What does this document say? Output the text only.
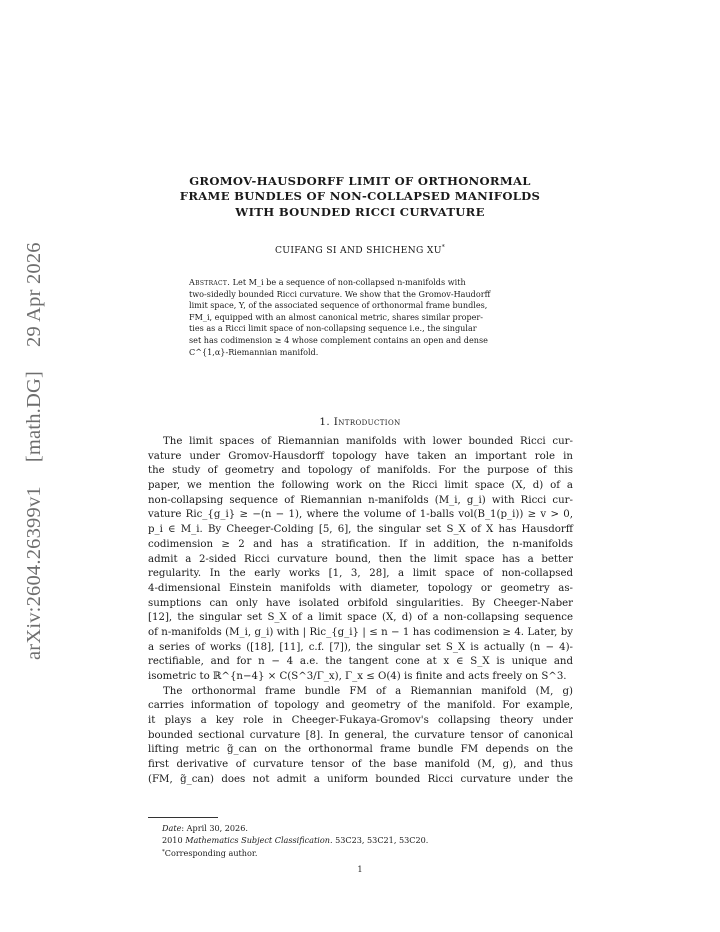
arXiv:2604.26399v1[math.DG]29 Apr 2026
GROMOV-HAUSDORFF LIMIT OF ORTHONORMAL
FRAME BUNDLES OF NON-COLLAPSED MANIFOLDS
WITH BOUNDED RICCI CURVATURE
CUIFANG SI AND SHICHENG XU*
Abstract. Let M_i be a sequence of non-collapsed n-manifolds with
two-sidedly bounded Ricci curvature. We show that the Gromov-Haudorff
limit space, Y, of the associated sequence of orthonormal frame bundles,
FM_i, equipped with an almost canonical metric, shares similar proper-
ties as a Ricci limit space of non-collapsing sequence i.e., the singular
set has codimension ≥ 4 whose complement contains an open and dense
C^{1,α}-Riemannian manifold.
1. Introduction
The limit spaces of Riemannian manifolds with lower bounded Ricci cur-
vature under Gromov-Hausdorff topology have taken an important role in
the study of geometry and topology of manifolds. For the purpose of this
paper, we mention the following work on the Ricci limit space (X, d) of a
non-collapsing sequence of Riemannian n-manifolds (M_i, g_i) with Ricci cur-
vature Ric_{g_i} ≥ −(n − 1), where the volume of 1-balls vol(B_1(p_i)) ≥ v > 0,
p_i ∈ M_i. By Cheeger-Colding [5, 6], the singular set S_X of X has Hausdorff
codimension ≥ 2 and has a stratification. If in addition, the n-manifolds
admit a 2-sided Ricci curvature bound, then the limit space has a better
regularity. In the early works [1, 3, 28], a limit space of non-collapsed
4-dimensional Einstein manifolds with diameter, topology or geometry as-
sumptions can only have isolated orbifold singularities. By Cheeger-Naber
[12], the singular set S_X of a limit space (X, d) of a non-collapsing sequence
of n-manifolds (M_i, g_i) with | Ric_{g_i} | ≤ n − 1 has codimension ≥ 4. Later, by
a series of works ([18], [11], c.f. [7]), the singular set S_X is actually (n − 4)-
rectifiable, and for n − 4 a.e. the tangent cone at x ∈ S_X is unique and
isometric to ℝ^{n−4} × C(S^3/Γ_x), Γ_x ≤ O(4) is finite and acts freely on S^3.
The orthonormal frame bundle FM of a Riemannian manifold (M, g)
carries information of topology and geometry of the manifold. For example,
it plays a key role in Cheeger-Fukaya-Gromov's collapsing theory under
bounded sectional curvature [8]. In general, the curvature tensor of canonical
lifting metric g̃_can on the orthonormal frame bundle FM depends on the
first derivative of curvature tensor of the base manifold (M, g), and thus
(FM, g̃_can) does not admit a uniform bounded Ricci curvature under the
Date: April 30, 2026.
2010 Mathematics Subject Classification. 53C23, 53C21, 53C20.
*Corresponding author.
1
